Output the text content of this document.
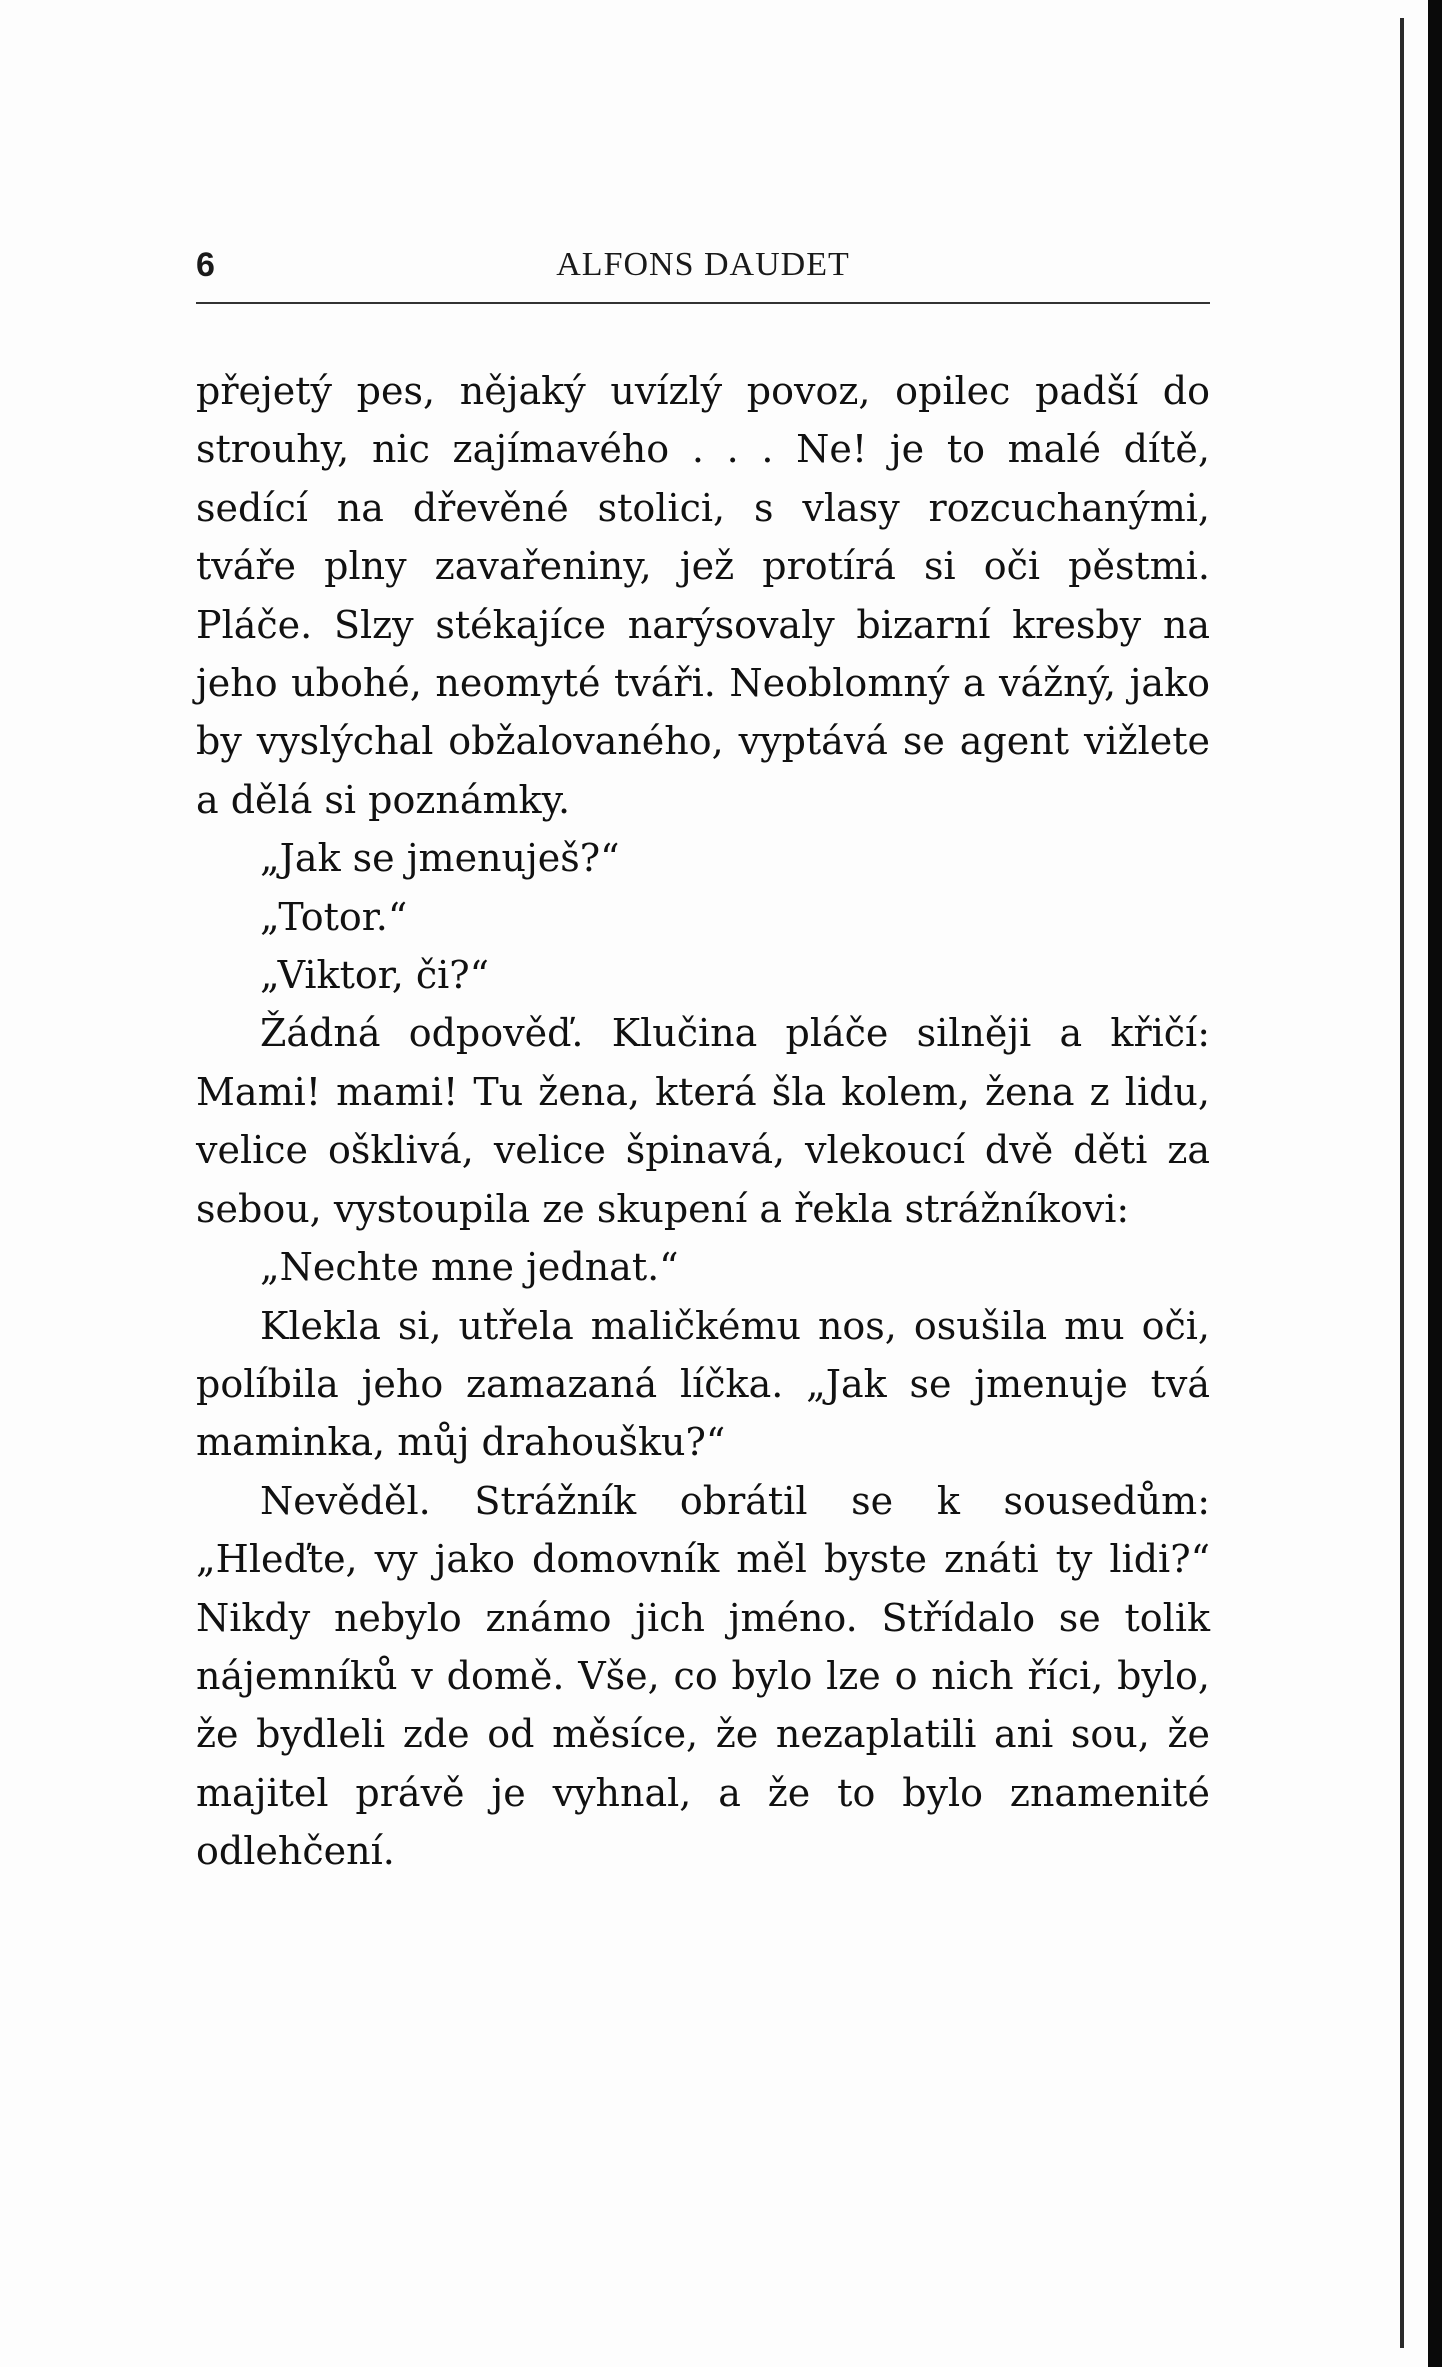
6	ALFONS DAUDET

přejetý pes, nějaký uvízlý povoz, opilec padší do strouhy, nic zajímavého . . . Ne! je to malé dítě, sedící na dřevěné stolici, s vlasy rozcuchanými, tváře plny zavařeniny, jež protírá si oči pěstmi. Pláče. Slzy stékajíce narýsovaly bizarní kresby na jeho ubohé, neomyté tváři. Neoblomný a vážný, jako by vyslýchal obžalovaného, vyptává se agent vižlete a dělá si poznámky.

„Jak se jmenuješ?“

„Totor.“

„Viktor, či?“

Žádná odpověď. Klučina pláče silněji a křičí: Mami! mami! Tu žena, která šla kolem, žena z lidu, velice ošklivá, velice špinavá, vlekoucí dvě děti za sebou, vystoupila ze skupení a řekla strážníkovi:

„Nechte mne jednat.“

Klekla si, utřela maličkému nos, osušila mu oči, políbila jeho zamazaná líčka. „Jak se jmenuje tvá maminka, můj drahoušku?“

Nevěděl. Strážník obrátil se k sousedům: „Hleďte, vy jako domovník měl byste znáti ty lidi?“ Nikdy nebylo známo jich jméno. Střídalo se tolik nájemníků v domě. Vše, co bylo lze o nich říci, bylo, že bydleli zde od měsíce, že nezaplatili ani sou, že majitel právě je vyhnal, a že to bylo znamenité odlehčení.
